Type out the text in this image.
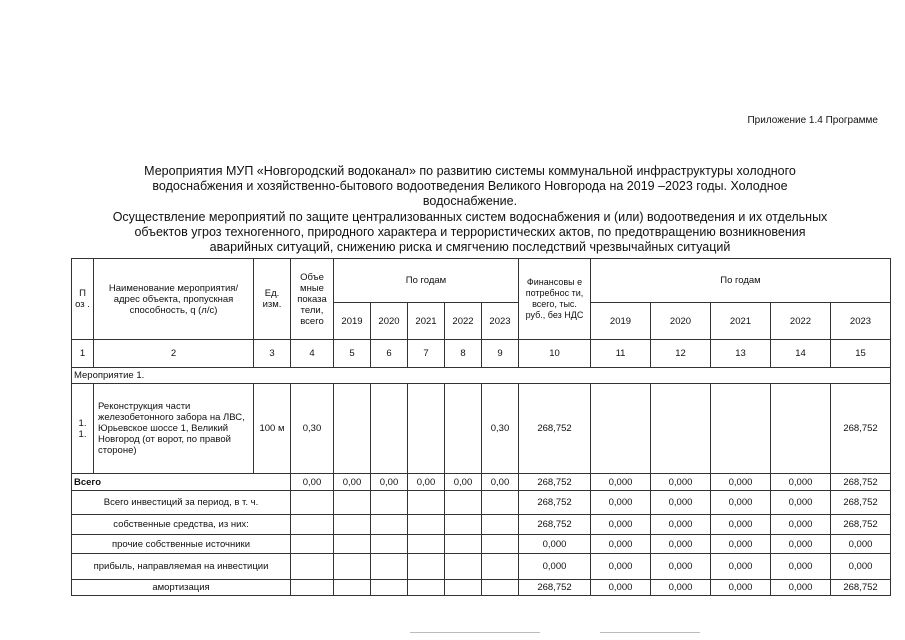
Приложение 1.4 Программе
Мероприятия МУП «Новгородский водоканал» по развитию системы коммунальной инфраструктуры холодного
водоснабжения и хозяйственно-бытового водоотведения Великого Новгорода на 2019 –2023 годы. Холодное
водоснабжение.
Осуществление мероприятий по защите централизованных систем водоснабжения и (или) водоотведения и их отдельных
объектов угроз техногенного, природного характера и террористических актов, по предотвращению возникновения
аварийных ситуаций, снижению риска и смягчению последствий чрезвычайных ситуаций
П оз .	Наименование мероприятия/адрес объекта, пропускная способность, q (л/с)	Ед. изм.	Объе мные показа тели, всего	По годам					Финансовы е потребнос ти, всего, тыс. руб., без НДС	По годам				
				2019	2020	2021	2022	2023		2019	2020	2021	2022	2023
1	2	3	4	5	6	7	8	9	10	11	12	13	14	15
Мероприятие 1.														
1. 1.	Реконструкция части железобетонного забора на ЛВС, Юрьевское шоссе 1, Великий Новгород (от ворот, по правой стороне)	100 м	0,30					0,30	268,752					268,752
Всего			0,00	0,00	0,00	0,00	0,00	0,00	268,752	0,000	0,000	0,000	0,000	268,752
Всего инвестиций за период, в т. ч.									268,752	0,000	0,000	0,000	0,000	268,752
собственные средства, из них:									268,752	0,000	0,000	0,000	0,000	268,752
прочие собственные источники									0,000	0,000	0,000	0,000	0,000	0,000
прибыль, направляемая на инвестиции									0,000	0,000	0,000	0,000	0,000	0,000
амортизация									268,752	0,000	0,000	0,000	0,000	268,752
